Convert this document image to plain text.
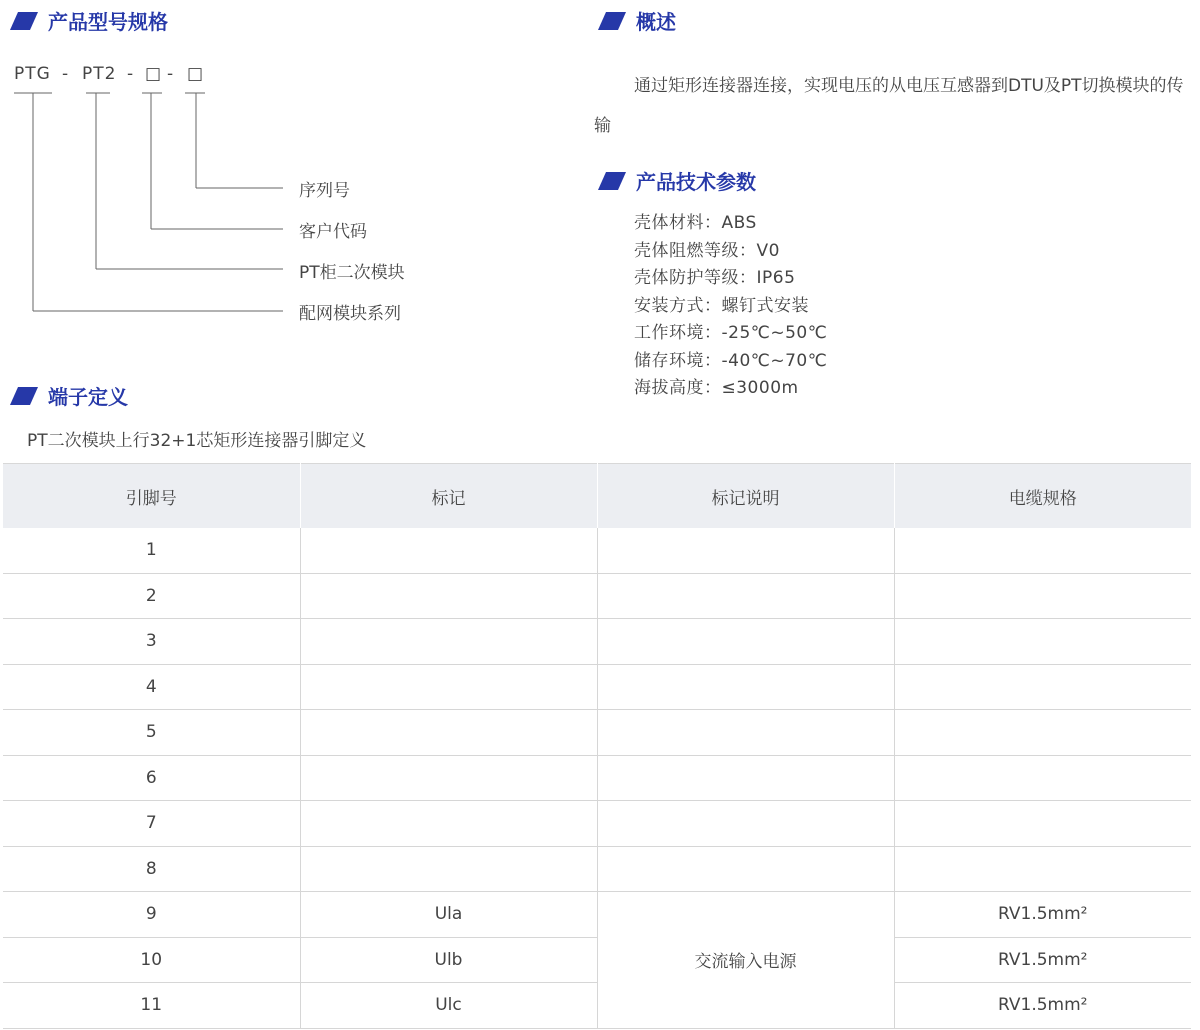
产品型号规格
PTG - PT2 - □ - □
序列号
客户代码
PT柜二次模块
配网模块系列
概述
通过矩形连接器连接，实现电压的从电压互感器到DTU及PT切换模块的传输
产品技术参数
壳体材料：ABS
壳体阻燃等级：V0
壳体防护等级：IP65
安装方式：螺钉式安装
工作环境：-25℃~50℃
储存环境：-40℃~70℃
海拔高度：≤3000m
端子定义
PT二次模块上行32+1芯矩形连接器引脚定义
引脚号	标记	标记说明	电缆规格
1			
2			
3			
4			
5			
6			
7			
8			
9	Ula	交流输入电源	RV1.5mm²
10	Ulb		RV1.5mm²
11	Ulc		RV1.5mm²
